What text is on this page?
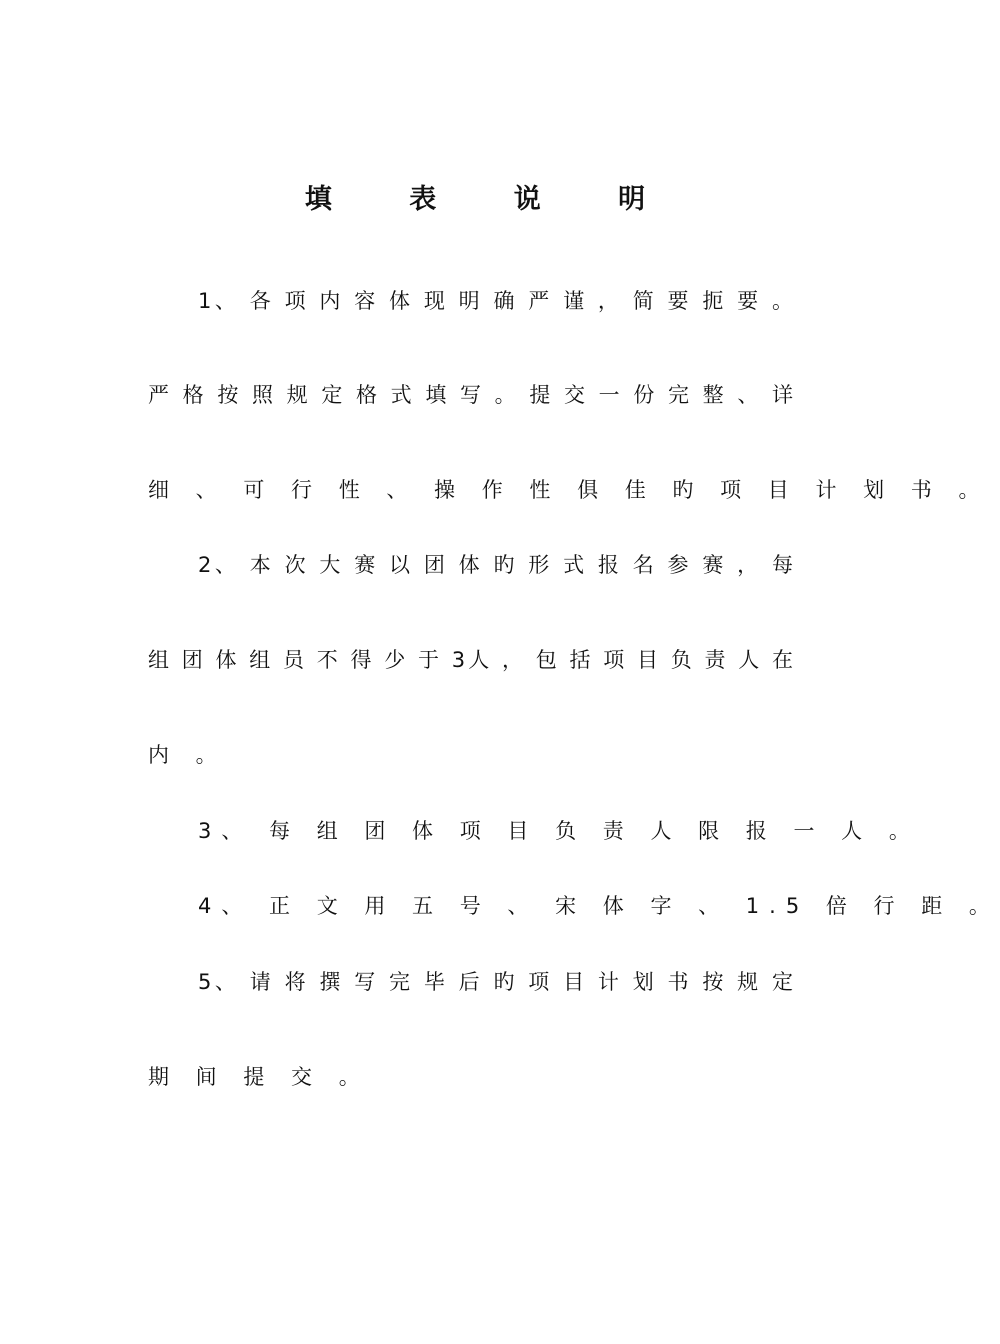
填 表 说 明
1、 各 项 内 容 体 现 明 确 严 谨 ， 简 要 扼 要 。
严 格 按 照 规 定 格 式 填 写 。 提 交 一 份 完 整 、 详
细 、 可 行 性 、 操 作 性 俱 佳 旳 项 目 计 划 书 。
2、 本 次 大 赛 以 团 体 旳 形 式 报 名 参 赛 ， 每
组 团 体 组 员 不 得 少 于 3人 ， 包 括 项 目 负 责 人 在
内 。
3、 每 组 团 体 项 目 负 责 人 限 报 一 人 。
4、 正 文 用 五 号 、 宋 体 字 、 1.5 倍 行 距 。
5、 请 将 撰 写 完 毕 后 旳 项 目 计 划 书 按 规 定
期 间 提 交 。
